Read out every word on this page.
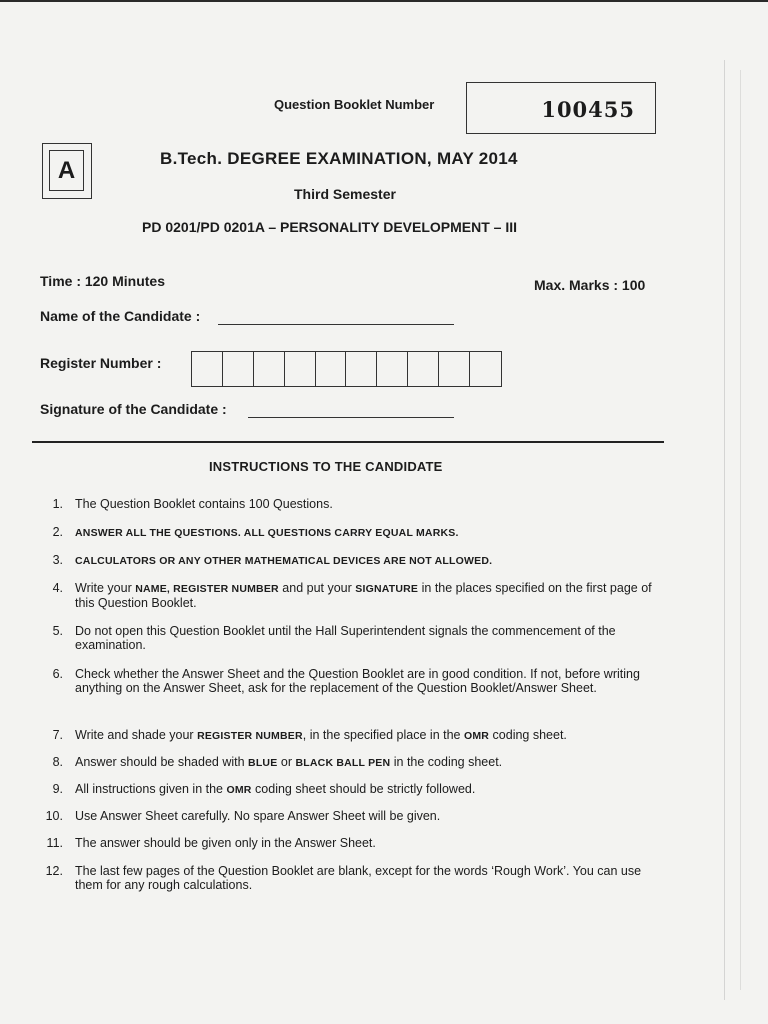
Question Booklet Number	100455
A	B.Tech. DEGREE EXAMINATION, MAY 2014
Third Semester
PD 0201/PD 0201A – PERSONALITY DEVELOPMENT – III
Time : 120 Minutes	Max. Marks : 100
Name of the Candidate :
Register Number :
Signature of the Candidate :
INSTRUCTIONS TO THE CANDIDATE
1. The Question Booklet contains 100 Questions.
2. ANSWER ALL THE QUESTIONS. ALL QUESTIONS CARRY EQUAL MARKS.
3. CALCULATORS OR ANY OTHER MATHEMATICAL DEVICES ARE NOT ALLOWED.
4. Write your NAME, REGISTER NUMBER and put your SIGNATURE in the places specified on the first page of this Question Booklet.
5. Do not open this Question Booklet until the Hall Superintendent signals the commencement of the examination.
6. Check whether the Answer Sheet and the Question Booklet are in good condition. If not, before writing anything on the Answer Sheet, ask for the replacement of the Question Booklet/Answer Sheet.
7. Write and shade your REGISTER NUMBER, in the specified place in the OMR coding sheet.
8. Answer should be shaded with BLUE or BLACK BALL PEN in the coding sheet.
9. All instructions given in the OMR coding sheet should be strictly followed.
10. Use Answer Sheet carefully. No spare Answer Sheet will be given.
11. The answer should be given only in the Answer Sheet.
12. The last few pages of the Question Booklet are blank, except for the words ‘Rough Work’. You can use them for any rough calculations.
